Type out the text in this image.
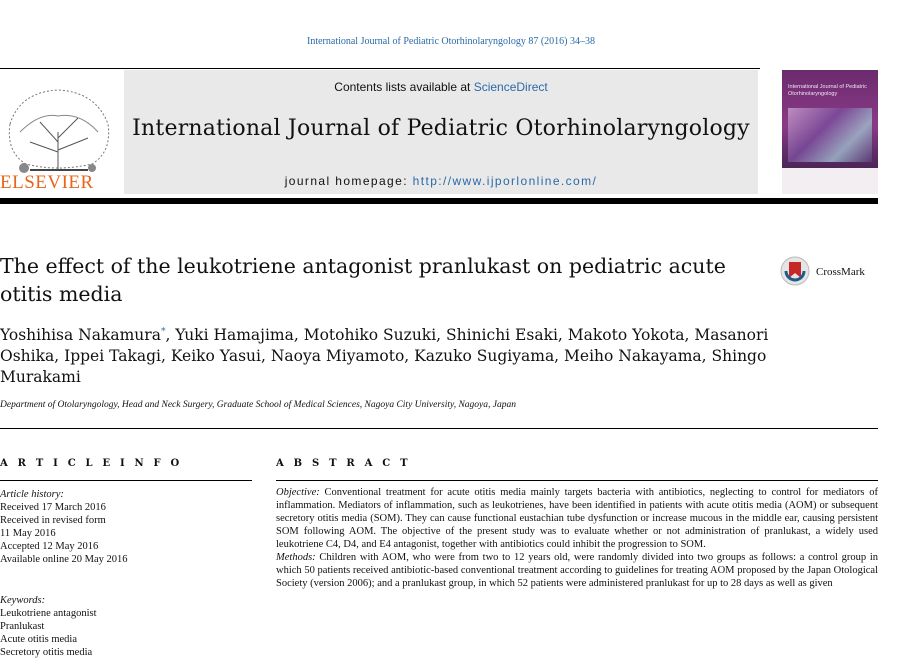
International Journal of Pediatric Otorhinolaryngology 87 (2016) 34–38
ELSEVIER
Contents lists available at ScienceDirect
International Journal of Pediatric Otorhinolaryngology
journal homepage: http://www.ijporlonline.com/
International Journal of Pediatric Otorhinolaryngology
The effect of the leukotriene antagonist pranlukast on pediatric acute otitis media
CrossMark
Yoshihisa Nakamura*, Yuki Hamajima, Motohiko Suzuki, Shinichi Esaki, Makoto Yokota, Masanori Oshika, Ippei Takagi, Keiko Yasui, Naoya Miyamoto, Kazuko Sugiyama, Meiho Nakayama, Shingo Murakami
Department of Otolaryngology, Head and Neck Surgery, Graduate School of Medical Sciences, Nagoya City University, Nagoya, Japan
A R T I C L E I N F O	A B S T R A C T
Article history:
Received 17 March 2016
Received in revised form
11 May 2016
Accepted 12 May 2016
Available online 20 May 2016
Keywords:
Leukotriene antagonist
Pranlukast
Acute otitis media
Secretory otitis media

Objective: Conventional treatment for acute otitis media mainly targets bacteria with antibiotics, neglecting to control for mediators of inflammation. Mediators of inflammation, such as leukotrienes, have been identified in patients with acute otitis media (AOM) or subsequent secretory otitis media (SOM). They can cause functional eustachian tube dysfunction or increase mucous in the middle ear, causing persistent SOM following AOM. The objective of the present study was to evaluate whether or not administration of pranlukast, a widely used leukotriene C4, D4, and E4 antagonist, together with antibiotics could inhibit the progression to SOM.

Methods: Children with AOM, who were from two to 12 years old, were randomly divided into two groups as follows: a control group in which 50 patients received antibiotic-based conventional treatment according to guidelines for treating AOM proposed by the Japan Otological Society (version 2006); and a pranlukast group, in which 52 patients were administered pranlukast for up to 28 days as well as given
